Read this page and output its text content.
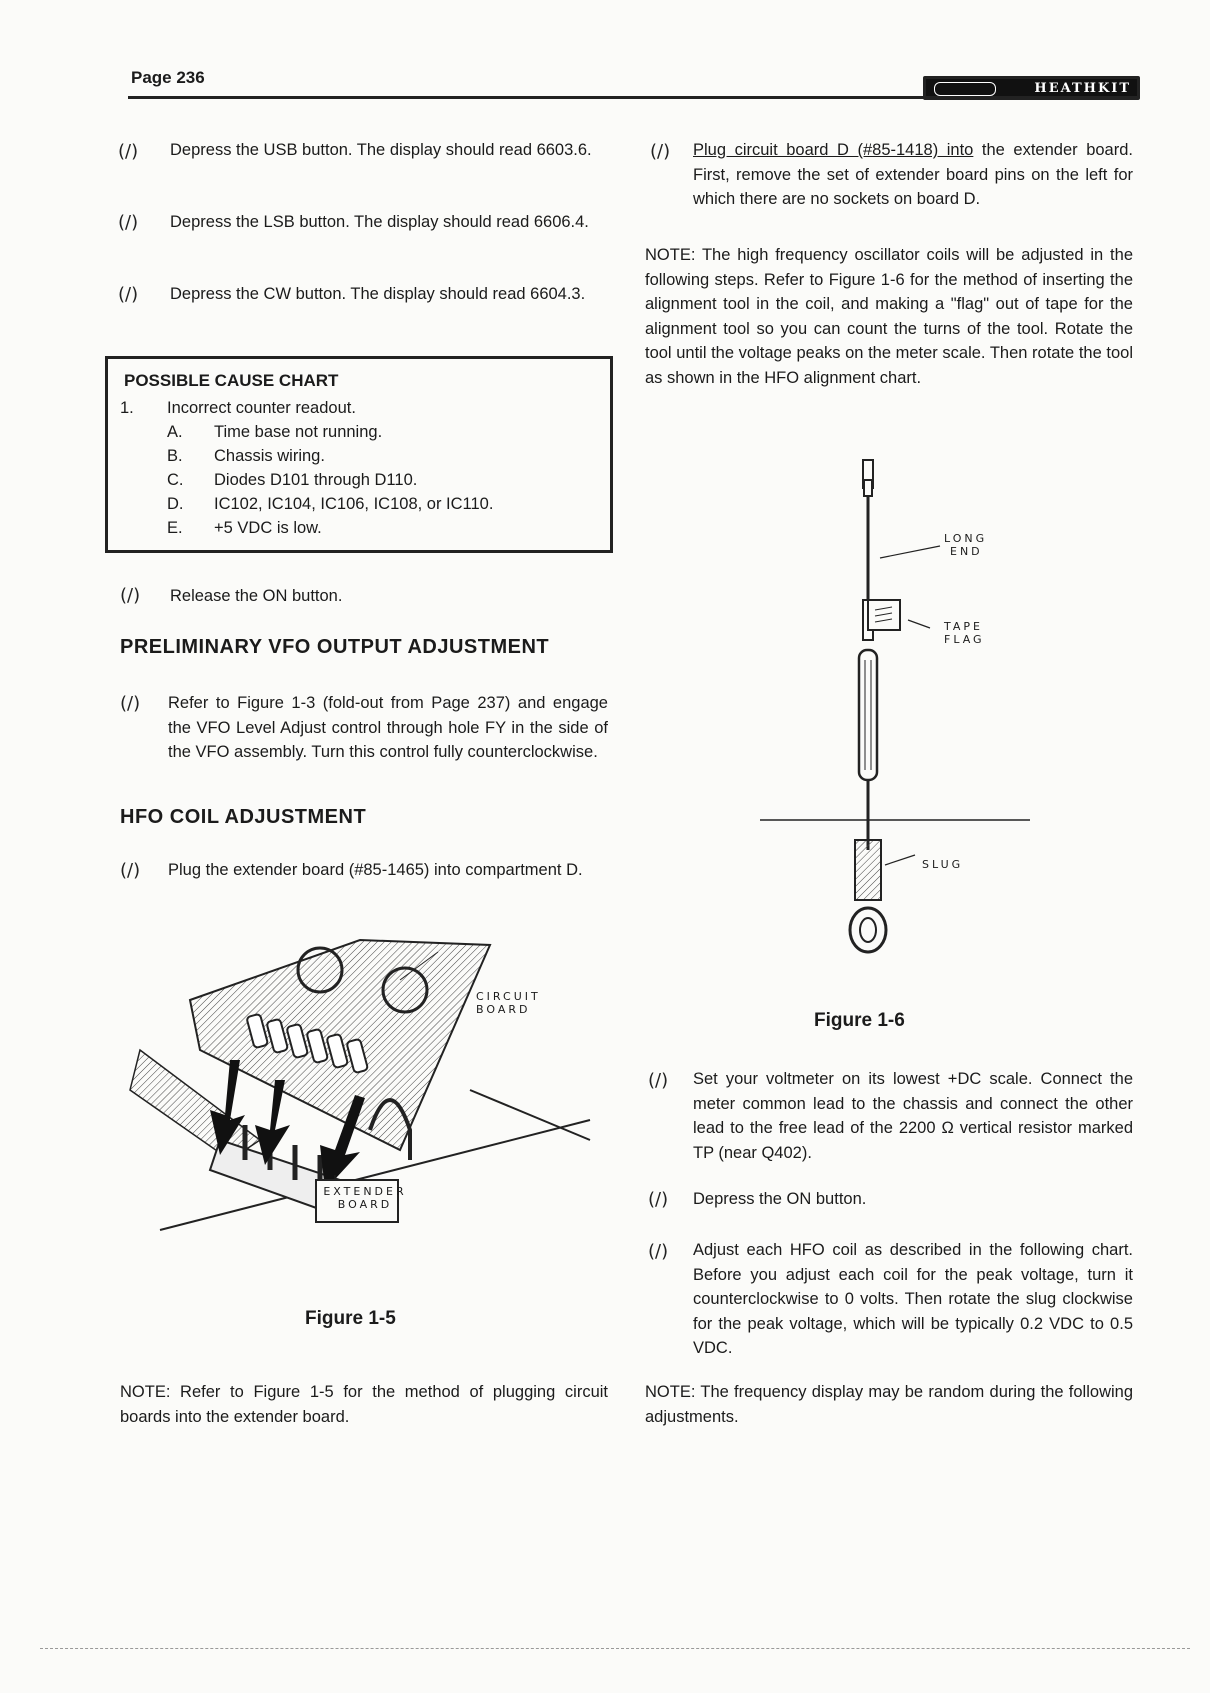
Page 236
HEATHKIT
(/) Depress the USB button. The display should read 6603.6.
(/) Depress the LSB button. The display should read 6606.4.
(/) Depress the CW button. The display should read 6604.3.
POSSIBLE CAUSE CHART
1. Incorrect counter readout.
A. Time base not running.
B. Chassis wiring.
C. Diodes D101 through D110.
D. IC102, IC104, IC106, IC108, or IC110.
E. +5 VDC is low.
(/) Release the ON button.
PRELIMINARY VFO OUTPUT ADJUSTMENT
(/) Refer to Figure 1-3 (fold-out from Page 237) and engage the VFO Level Adjust control through hole FY in the side of the VFO assembly. Turn this control fully counterclockwise.
HFO COIL ADJUSTMENT
(/) Plug the extender board (#85-1465) into compartment D.
CIRCUIT
BOARD
EXTENDER
BOARD
Figure 1-5
NOTE: Refer to Figure 1-5 for the method of plugging circuit boards into the extender board.
(/) Plug circuit board D (#85-1418) into the extender board. First, remove the set of extender board pins on the left for which there are no sockets on board D.
NOTE: The high frequency oscillator coils will be adjusted in the following steps. Refer to Figure 1-6 for the method of inserting the alignment tool in the coil, and making a "flag" out of tape for the alignment tool so you can count the turns of the tool. Rotate the tool until the voltage peaks on the meter scale. Then rotate the tool as shown in the HFO alignment chart.
LONG
END
TAPE
FLAG
SLUG
Figure 1-6
(/) Set your voltmeter on its lowest +DC scale. Connect the meter common lead to the chassis and connect the other lead to the free lead of the 2200 Ω vertical resistor marked TP (near Q402).
(/) Depress the ON button.
(/) Adjust each HFO coil as described in the following chart. Before you adjust each coil for the peak voltage, turn it counterclockwise to 0 volts. Then rotate the slug clockwise for the peak voltage, which will be typically 0.2 VDC to 0.5 VDC.
NOTE: The frequency display may be random during the following adjustments.
